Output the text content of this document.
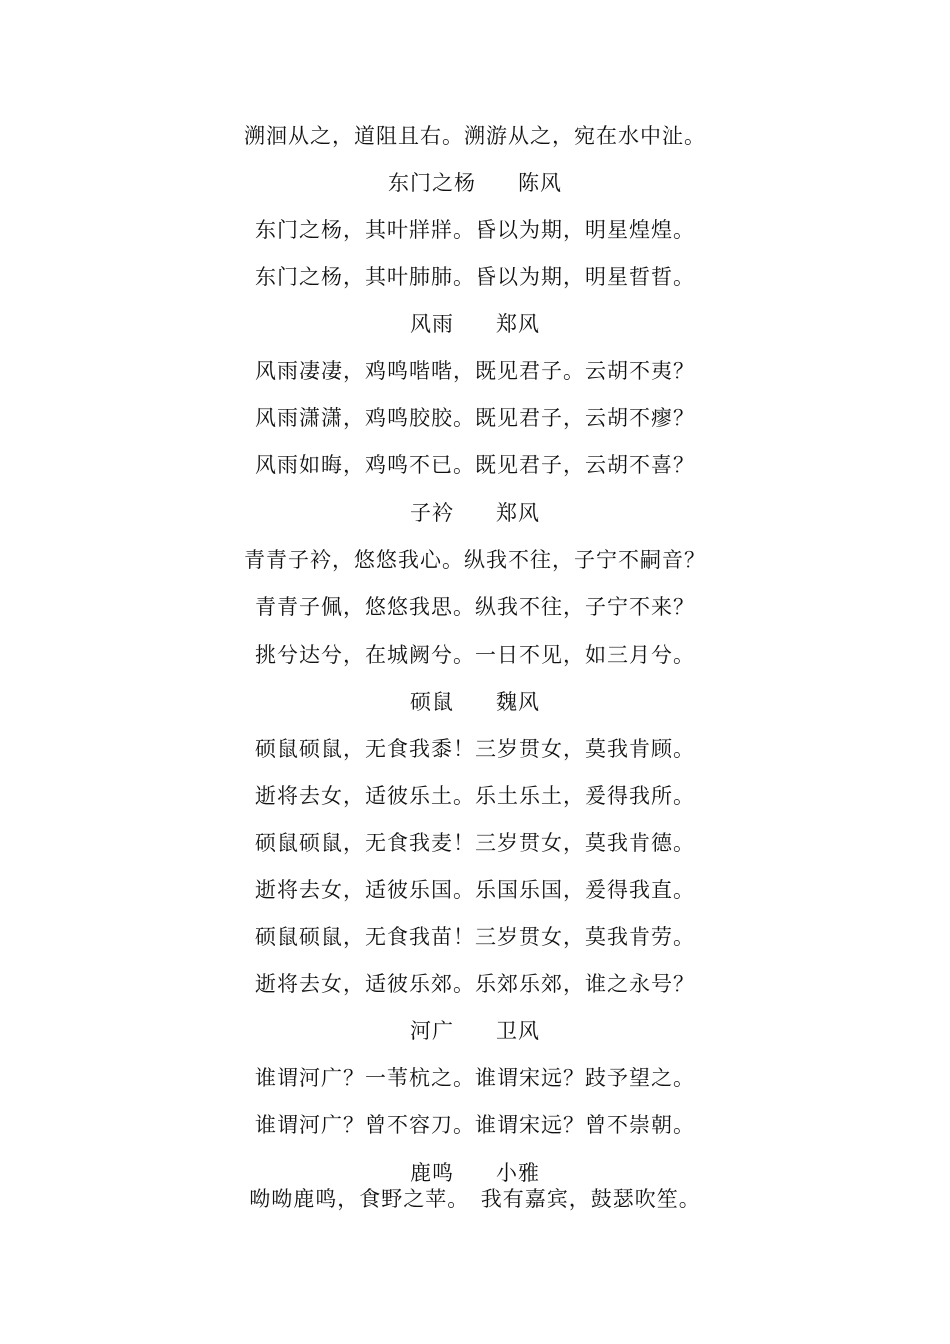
溯洄从之，道阻且右。溯游从之，宛在水中沚。
东门之杨 陈风
东门之杨，其叶牂牂。昏以为期，明星煌煌。
东门之杨，其叶肺肺。昏以为期，明星晢晢。
风雨 郑风
风雨凄凄，鸡鸣喈喈，既见君子。云胡不夷？
风雨潇潇，鸡鸣胶胶。既见君子，云胡不瘳？
风雨如晦，鸡鸣不已。既见君子，云胡不喜？
子衿 郑风
青青子衿，悠悠我心。纵我不往，子宁不嗣音？
青青子佩，悠悠我思。纵我不往，子宁不来？
挑兮达兮，在城阙兮。一日不见，如三月兮。
硕鼠 魏风
硕鼠硕鼠，无食我黍！三岁贯女，莫我肯顾。
逝将去女，适彼乐土。乐土乐土，爰得我所。
硕鼠硕鼠，无食我麦！三岁贯女，莫我肯德。
逝将去女，适彼乐国。乐国乐国，爰得我直。
硕鼠硕鼠，无食我苗！三岁贯女，莫我肯劳。
逝将去女，适彼乐郊。乐郊乐郊，谁之永号？
河广 卫风
谁谓河广？一苇杭之。谁谓宋远？跂予望之。
谁谓河广？曾不容刀。谁谓宋远？曾不崇朝。
鹿鸣 小雅
呦呦鹿鸣，食野之苹。　我有嘉宾，鼓瑟吹笙。
